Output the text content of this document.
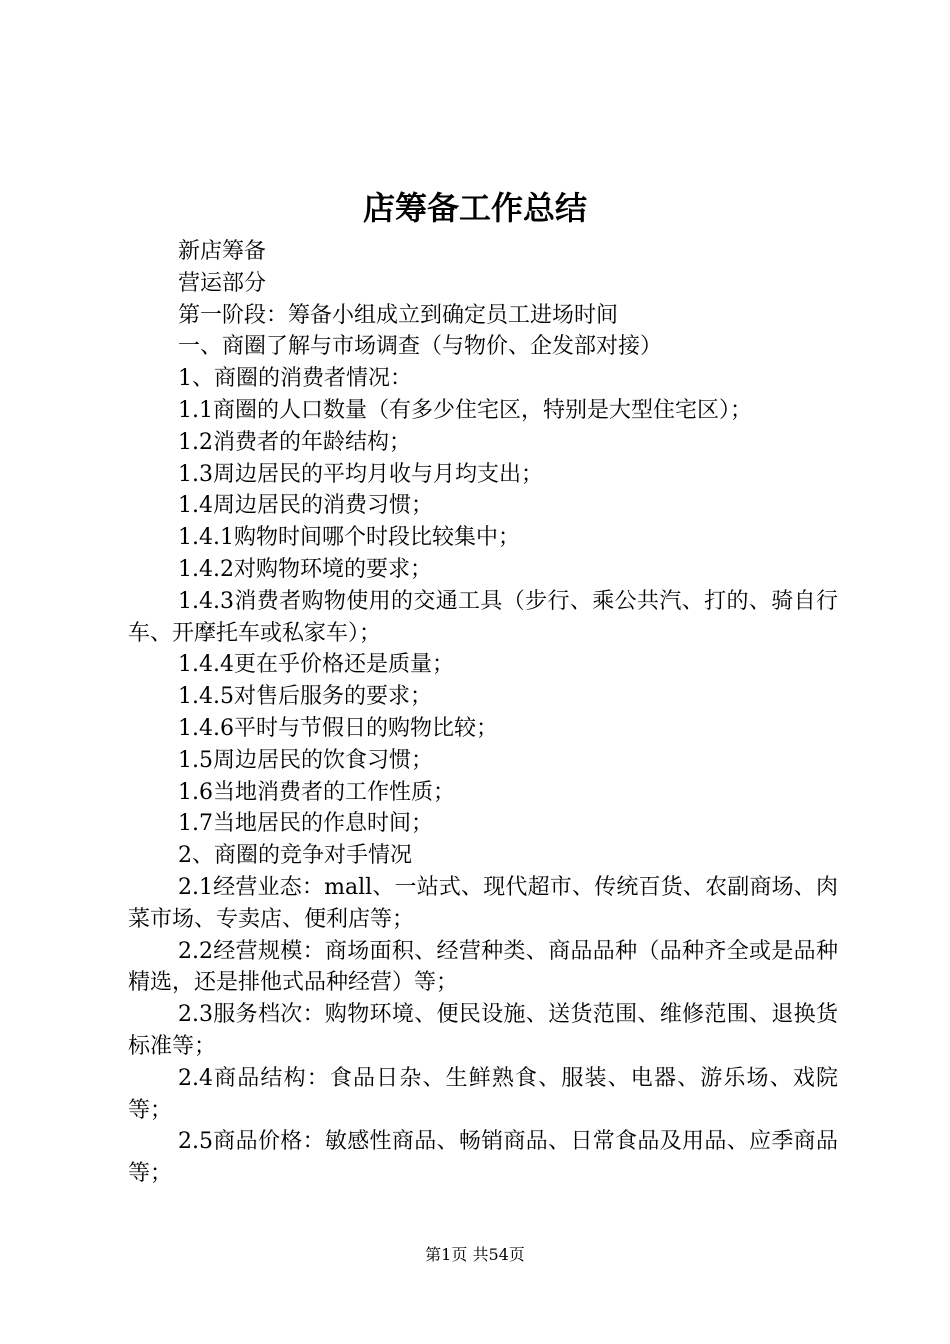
店筹备工作总结

新店筹备

营运部分

第一阶段：筹备小组成立到确定员工进场时间

一、商圈了解与市场调查（与物价、企发部对接）

1、商圈的消费者情况：

1.1商圈的人口数量（有多少住宅区，特别是大型住宅区）；

1.2消费者的年龄结构；

1.3周边居民的平均月收与月均支出；

1.4周边居民的消费习惯；

1.4.1购物时间哪个时段比较集中；

1.4.2对购物环境的要求；

1.4.3消费者购物使用的交通工具（步行、乘公共汽、打的、骑自行车、开摩托车或私家车）；

1.4.4更在乎价格还是质量；

1.4.5对售后服务的要求；

1.4.6平时与节假日的购物比较；

1.5周边居民的饮食习惯；

1.6当地消费者的工作性质；

1.7当地居民的作息时间；

2、商圈的竞争对手情况

2.1经营业态：mall、一站式、现代超市、传统百货、农副商场、肉菜市场、专卖店、便利店等；

2.2经营规模：商场面积、经营种类、商品品种（品种齐全或是品种精选，还是排他式品种经营）等；

2.3服务档次：购物环境、便民设施、送货范围、维修范围、退换货标准等；

2.4商品结构：食品日杂、生鲜熟食、服装、电器、游乐场、戏院等；

2.5商品价格：敏感性商品、畅销商品、日常食品及用品、应季商品等；

第1页 共54页
